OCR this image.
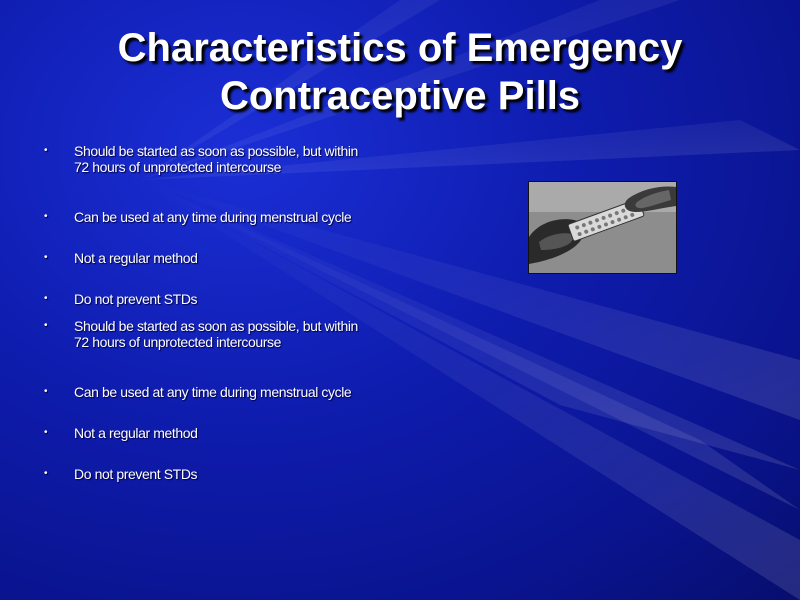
Characteristics of Emergency
Contraceptive Pills
•	Should be started as soon as possible, but within
72 hours of unprotected intercourse
•	Can be used at any time during menstrual cycle
•	Not a regular method
•	Do not prevent STDs
•	Should be started as soon as possible, but within
72 hours of unprotected intercourse
•	Can be used at any time during menstrual cycle
•	Not a regular method
•	Do not prevent STDs
